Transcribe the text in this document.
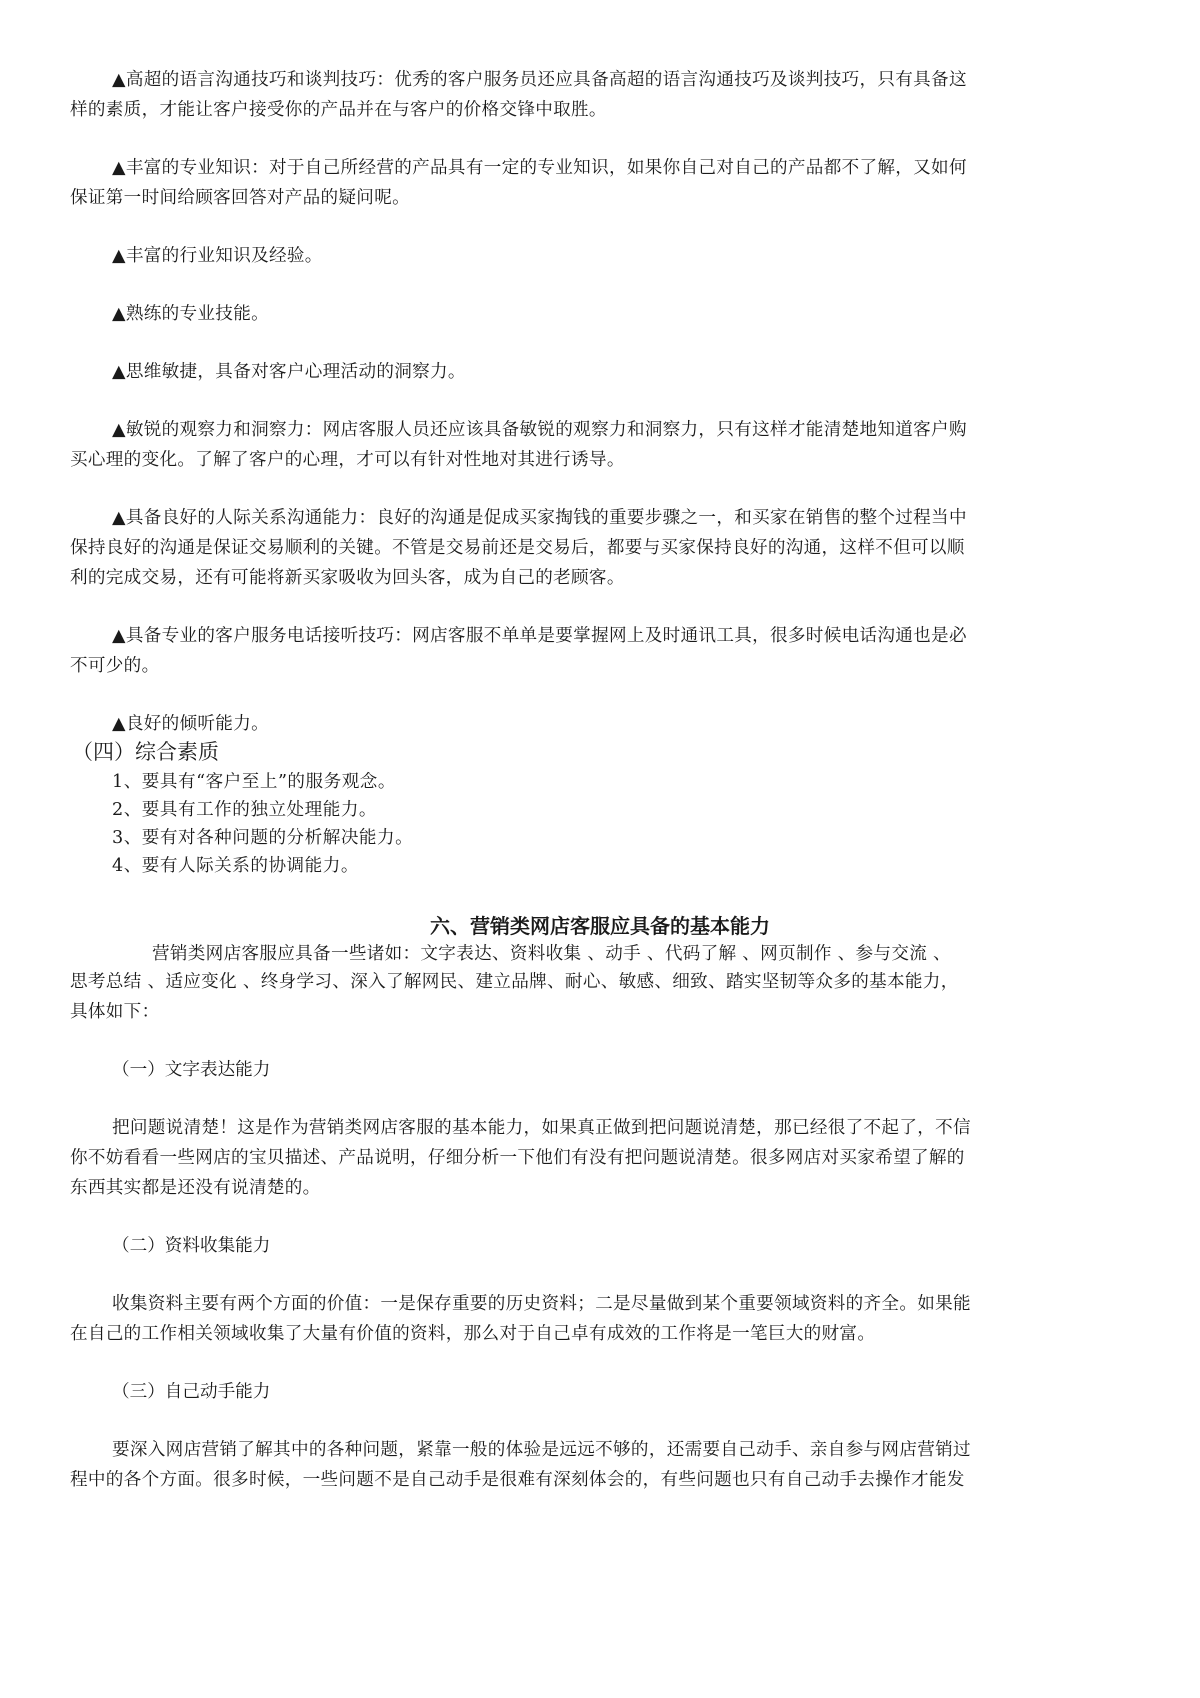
▲高超的语言沟通技巧和谈判技巧：优秀的客户服务员还应具备高超的语言沟通技巧及谈判技巧，只有具备这
样的素质，才能让客户接受你的产品并在与客户的价格交锋中取胜。
▲丰富的专业知识：对于自己所经营的产品具有一定的专业知识，如果你自己对自己的产品都不了解，又如何
保证第一时间给顾客回答对产品的疑问呢。
▲丰富的行业知识及经验。
▲熟练的专业技能。
▲思维敏捷，具备对客户心理活动的洞察力。
▲敏锐的观察力和洞察力：网店客服人员还应该具备敏锐的观察力和洞察力，只有这样才能清楚地知道客户购
买心理的变化。了解了客户的心理，才可以有针对性地对其进行诱导。
▲具备良好的人际关系沟通能力：良好的沟通是促成买家掏钱的重要步骤之一，和买家在销售的整个过程当中
保持良好的沟通是保证交易顺利的关键。不管是交易前还是交易后，都要与买家保持良好的沟通，这样不但可以顺
利的完成交易，还有可能将新买家吸收为回头客，成为自己的老顾客。
▲具备专业的客户服务电话接听技巧：网店客服不单单是要掌握网上及时通讯工具，很多时候电话沟通也是必
不可少的。
▲良好的倾听能力。
（四）综合素质
1、要具有“客户至上”的服务观念。
2、要具有工作的独立处理能力。
3、要有对各种问题的分析解决能力。
4、要有人际关系的协调能力。
六、营销类网店客服应具备的基本能力
营销类网店客服应具备一些诸如：文字表达、资料收集 、动手 、代码了解 、网页制作 、参与交流 、
思考总结 、适应变化 、终身学习、深入了解网民、建立品牌、耐心、敏感、细致、踏实坚韧等众多的基本能力，
具体如下：
（一）文字表达能力
把问题说清楚！这是作为营销类网店客服的基本能力，如果真正做到把问题说清楚，那已经很了不起了，不信
你不妨看看一些网店的宝贝描述、产品说明，仔细分析一下他们有没有把问题说清楚。很多网店对买家希望了解的
东西其实都是还没有说清楚的。
（二）资料收集能力
收集资料主要有两个方面的价值：一是保存重要的历史资料；二是尽量做到某个重要领域资料的齐全。如果能
在自己的工作相关领域收集了大量有价值的资料，那么对于自己卓有成效的工作将是一笔巨大的财富。
（三）自己动手能力
要深入网店营销了解其中的各种问题，紧靠一般的体验是远远不够的，还需要自己动手、亲自参与网店营销过
程中的各个方面。很多时候，一些问题不是自己动手是很难有深刻体会的，有些问题也只有自己动手去操作才能发
